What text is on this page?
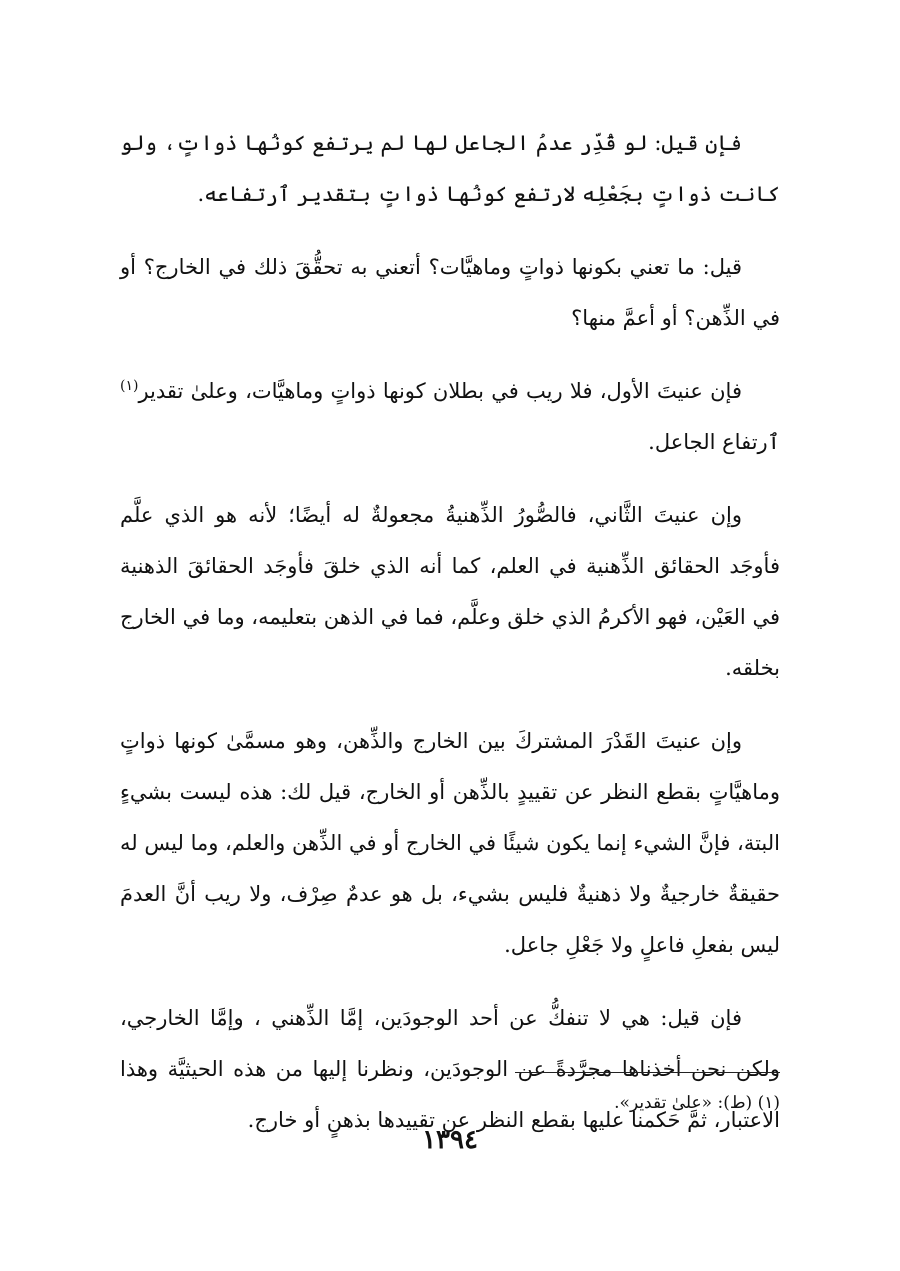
فإن قيل: لو قُدِّر عدمُ الجاعل لها لم يرتفع كونُها ذواتٍ، ولو كانت ذواتٍ بجَعْلِه لارتفع كونُها ذواتٍ بتقدير ٱرتفاعه.

قيل: ما تعني بكونها ذواتٍ وماهيَّات؟ أتعني به تحقُّقَ ذلك في الخارج؟ أو في الذِّهن؟ أو أعمَّ منها؟

فإن عنيتَ الأول، فلا ريب في بطلان كونها ذواتٍ وماهيَّات، وعلىٰ تقدير$^{(١)}$ ٱرتفاع الجاعل.

وإن عنيتَ الثَّاني، فالصُّورُ الذِّهنيةُ مجعولةٌ له أيضًا؛ لأنه هو الذي علَّم فأوجَد الحقائق الذِّهنية في العلم، كما أنه الذي خلقَ فأوجَد الحقائقَ الذهنية في العَيْن، فهو الأكرمُ الذي خلق وعلَّم، فما في الذهن بتعليمه، وما في الخارج بخلقه.

وإن عنيتَ القَدْرَ المشتركَ بين الخارج والذِّهن، وهو مسمَّىٰ كونها ذواتٍ وماهيَّاتٍ بقطع النظر عن تقييدٍ بالذِّهن أو الخارج، قيل لك: هذه ليست بشيءٍ البتة، فإنَّ الشيء إنما يكون شيئًا في الخارج أو في الذِّهن والعلم، وما ليس له حقيقةٌ خارجيةٌ ولا ذهنيةٌ فليس بشيء، بل هو عدمٌ صِرْف، ولا ريب أنَّ العدمَ ليس بفعلِ فاعلٍ ولا جَعْلِ جاعل.

فإن قيل: هي لا تنفكُّ عن أحد الوجودَين، إمَّا الذِّهني ، وإمَّا الخارجي، ولكن نحن أخذناها مجرَّدةً عن الوجودَين، ونظرنا إليها من هذه الحيثيَّة وهذا الاعتبار، ثمَّ حَكمنا عليها بقطع النظر عن تقييدها بذهنٍ أو خارج.

(١) (ط): «علىٰ تقدير».
١٣٩٤
